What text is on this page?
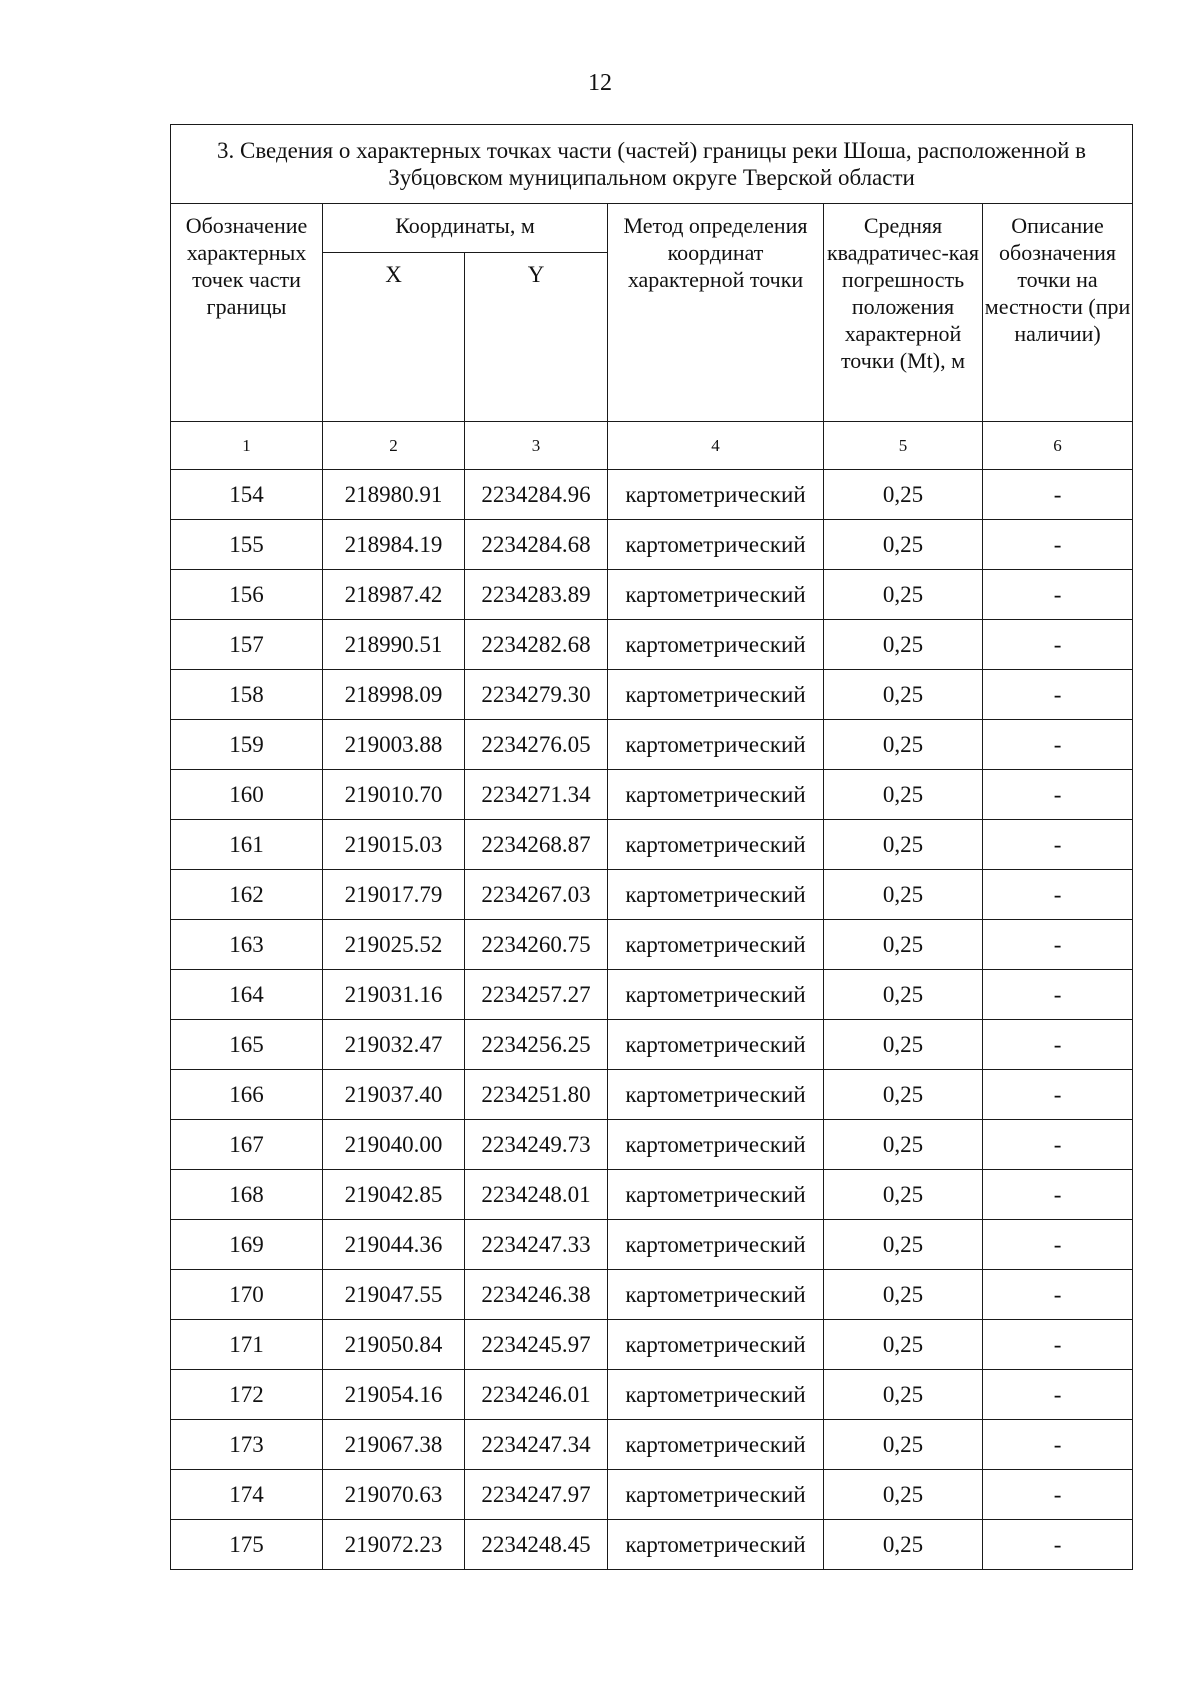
12
3. Сведения о характерных точках части (частей) границы реки Шоша, расположенной в Зубцовском муниципальном округе Тверской области					
Обозначение характерных точек части границы	Координаты, м		Метод определения координат характерной точки	Средняя квадратичес-кая погрешность положения характерной точки (Mt), м	Описание обозначения точки на местности (при наличии)
	X	Y			
1	2	3	4	5	6
154	218980.91	2234284.96	картометрический	0,25	-
155	218984.19	2234284.68	картометрический	0,25	-
156	218987.42	2234283.89	картометрический	0,25	-
157	218990.51	2234282.68	картометрический	0,25	-
158	218998.09	2234279.30	картометрический	0,25	-
159	219003.88	2234276.05	картометрический	0,25	-
160	219010.70	2234271.34	картометрический	0,25	-
161	219015.03	2234268.87	картометрический	0,25	-
162	219017.79	2234267.03	картометрический	0,25	-
163	219025.52	2234260.75	картометрический	0,25	-
164	219031.16	2234257.27	картометрический	0,25	-
165	219032.47	2234256.25	картометрический	0,25	-
166	219037.40	2234251.80	картометрический	0,25	-
167	219040.00	2234249.73	картометрический	0,25	-
168	219042.85	2234248.01	картометрический	0,25	-
169	219044.36	2234247.33	картометрический	0,25	-
170	219047.55	2234246.38	картометрический	0,25	-
171	219050.84	2234245.97	картометрический	0,25	-
172	219054.16	2234246.01	картометрический	0,25	-
173	219067.38	2234247.34	картометрический	0,25	-
174	219070.63	2234247.97	картометрический	0,25	-
175	219072.23	2234248.45	картометрический	0,25	-
